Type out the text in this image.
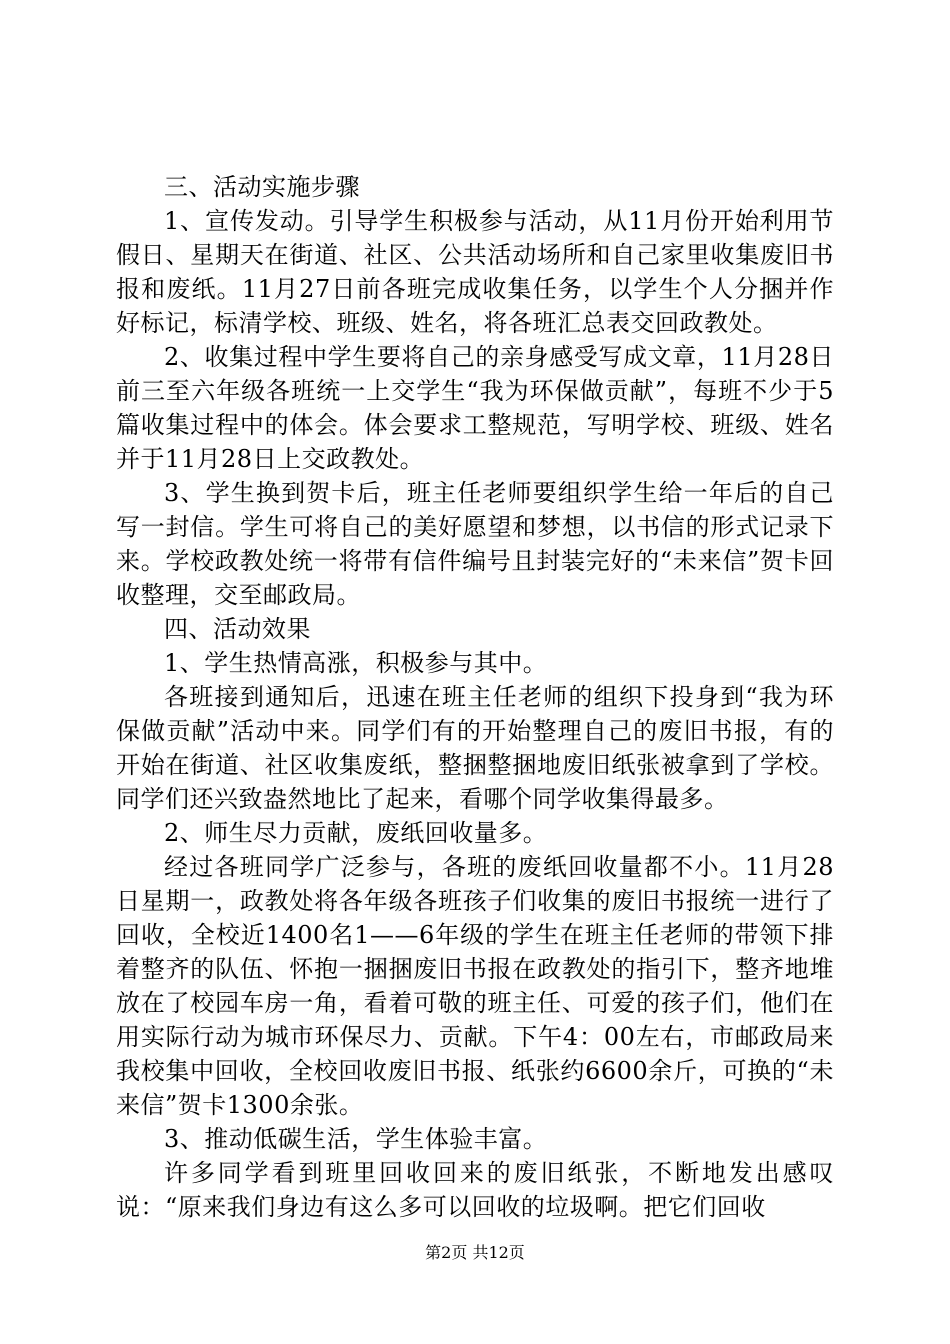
三、活动实施步骤

1、宣传发动。引导学生积极参与活动，从11月份开始利用节假日、星期天在街道、社区、公共活动场所和自己家里收集废旧书报和废纸。11月27日前各班完成收集任务，以学生个人分捆并作好标记，标清学校、班级、姓名，将各班汇总表交回政教处。

2、收集过程中学生要将自己的亲身感受写成文章，11月28日前三至六年级各班统一上交学生“我为环保做贡献”，每班不少于5篇收集过程中的体会。体会要求工整规范，写明学校、班级、姓名并于11月28日上交政教处。

3、学生换到贺卡后，班主任老师要组织学生给一年后的自己写一封信。学生可将自己的美好愿望和梦想，以书信的形式记录下来。学校政教处统一将带有信件编号且封装完好的“未来信”贺卡回收整理，交至邮政局。

四、活动效果

1、学生热情高涨，积极参与其中。

各班接到通知后，迅速在班主任老师的组织下投身到“我为环保做贡献”活动中来。同学们有的开始整理自己的废旧书报，有的开始在街道、社区收集废纸，整捆整捆地废旧纸张被拿到了学校。同学们还兴致盎然地比了起来，看哪个同学收集得最多。

2、师生尽力贡献，废纸回收量多。

经过各班同学广泛参与，各班的废纸回收量都不小。11月28日星期一，政教处将各年级各班孩子们收集的废旧书报统一进行了回收，全校近1400名1——6年级的学生在班主任老师的带领下排着整齐的队伍、怀抱一捆捆废旧书报在政教处的指引下，整齐地堆放在了校园车房一角，看着可敬的班主任、可爱的孩子们，他们在用实际行动为城市环保尽力、贡献。下午4：00左右，市邮政局来我校集中回收，全校回收废旧书报、纸张约6600余斤，可换的“未来信”贺卡1300余张。

3、推动低碳生活，学生体验丰富。

许多同学看到班里回收回来的废旧纸张，不断地发出感叹说：“原来我们身边有这么多可以回收的垃圾啊。把它们回收

第2页 共12页
